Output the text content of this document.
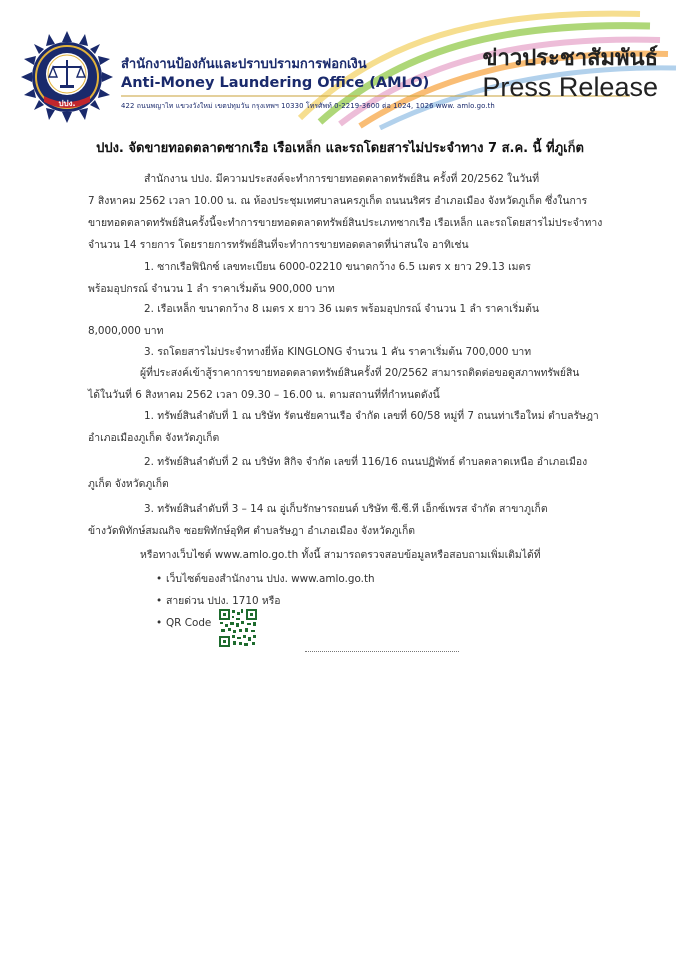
ปปง.
สำนักงานป้องกันและปราบปรามการฟอกเงิน
Anti-Money Laundering Office (AMLO)
422 ถนนพญาไท แขวงวังใหม่ เขตปทุมวัน กรุงเทพฯ 10330 โทรศัพท์ 0-2219-3600 ต่อ 1024, 1026 www. amlo.go.th
ข่าวประชาสัมพันธ์
Press Release
ปปง. จัดขายทอดตลาดซากเรือ เรือเหล็ก และรถโดยสารไม่ประจำทาง 7 ส.ค. นี้ ที่ภูเก็ต
สำนักงาน ปปง. มีความประสงค์จะทำการขายทอดตลาดทรัพย์สิน ครั้งที่ 20/2562 ในวันที่
7 สิงหาคม 2562 เวลา 10.00 น. ณ ห้องประชุมเทศบาลนครภูเก็ต ถนนนริศร อำเภอเมือง จังหวัดภูเก็ต ซึ่งในการ
ขายทอดตลาดทรัพย์สินครั้งนี้จะทำการขายทอดตลาดทรัพย์สินประเภทซากเรือ เรือเหล็ก และรถโดยสารไม่ประจำทาง
จำนวน 14 รายการ โดยรายการทรัพย์สินที่จะทำการขายทอดตลาดที่น่าสนใจ อาทิเช่น
1. ซากเรือฟินิกซ์ เลขทะเบียน 6000-02210 ขนาดกว้าง 6.5 เมตร x ยาว 29.13 เมตร
พร้อมอุปกรณ์ จำนวน 1 ลำ ราคาเริ่มต้น 900,000 บาท
2. เรือเหล็ก ขนาดกว้าง 8 เมตร x ยาว 36 เมตร พร้อมอุปกรณ์ จำนวน 1 ลำ ราคาเริ่มต้น
8,000,000 บาท
3. รถโดยสารไม่ประจำทางยี่ห้อ KINGLONG จำนวน 1 คัน ราคาเริ่มต้น 700,000 บาท
ผู้ที่ประสงค์เข้าสู้ราคาการขายทอดตลาดทรัพย์สินครั้งที่ 20/2562 สามารถติดต่อขอดูสภาพทรัพย์สิน
ได้ในวันที่ 6 สิงหาคม 2562 เวลา 09.30 – 16.00 น. ตามสถานที่ที่กำหนดดังนี้
1. ทรัพย์สินลำดับที่ 1 ณ บริษัท รัตนชัยคานเรือ จำกัด เลขที่ 60/58 หมู่ที่ 7 ถนนท่าเรือใหม่ ตำบลรัษฎา
อำเภอเมืองภูเก็ต จังหวัดภูเก็ต
2. ทรัพย์สินลำดับที่ 2 ณ บริษัท สิกิจ จำกัด เลขที่ 116/16 ถนนปฏิพัทธ์ ตำบลตลาดเหนือ อำเภอเมือง
ภูเก็ต จังหวัดภูเก็ต
3. ทรัพย์สินลำดับที่ 3 – 14 ณ อู่เก็บรักษารถยนต์ บริษัท ซี.ซี.ที เอ็กซ์เพรส จำกัด สาขาภูเก็ต
ข้างวัดพิทักษ์สมณกิจ ซอยพิทักษ์อุทิศ ตำบลรัษฎา อำเภอเมือง จังหวัดภูเก็ต
หรือทางเว็บไซต์ www.amlo.go.th ทั้งนี้ สามารถตรวจสอบข้อมูลหรือสอบถามเพิ่มเติมได้ที่
• เว็บไซต์ของสำนักงาน ปปง. www.amlo.go.th
• สายด่วน ปปง. 1710 หรือ
• QR Code
